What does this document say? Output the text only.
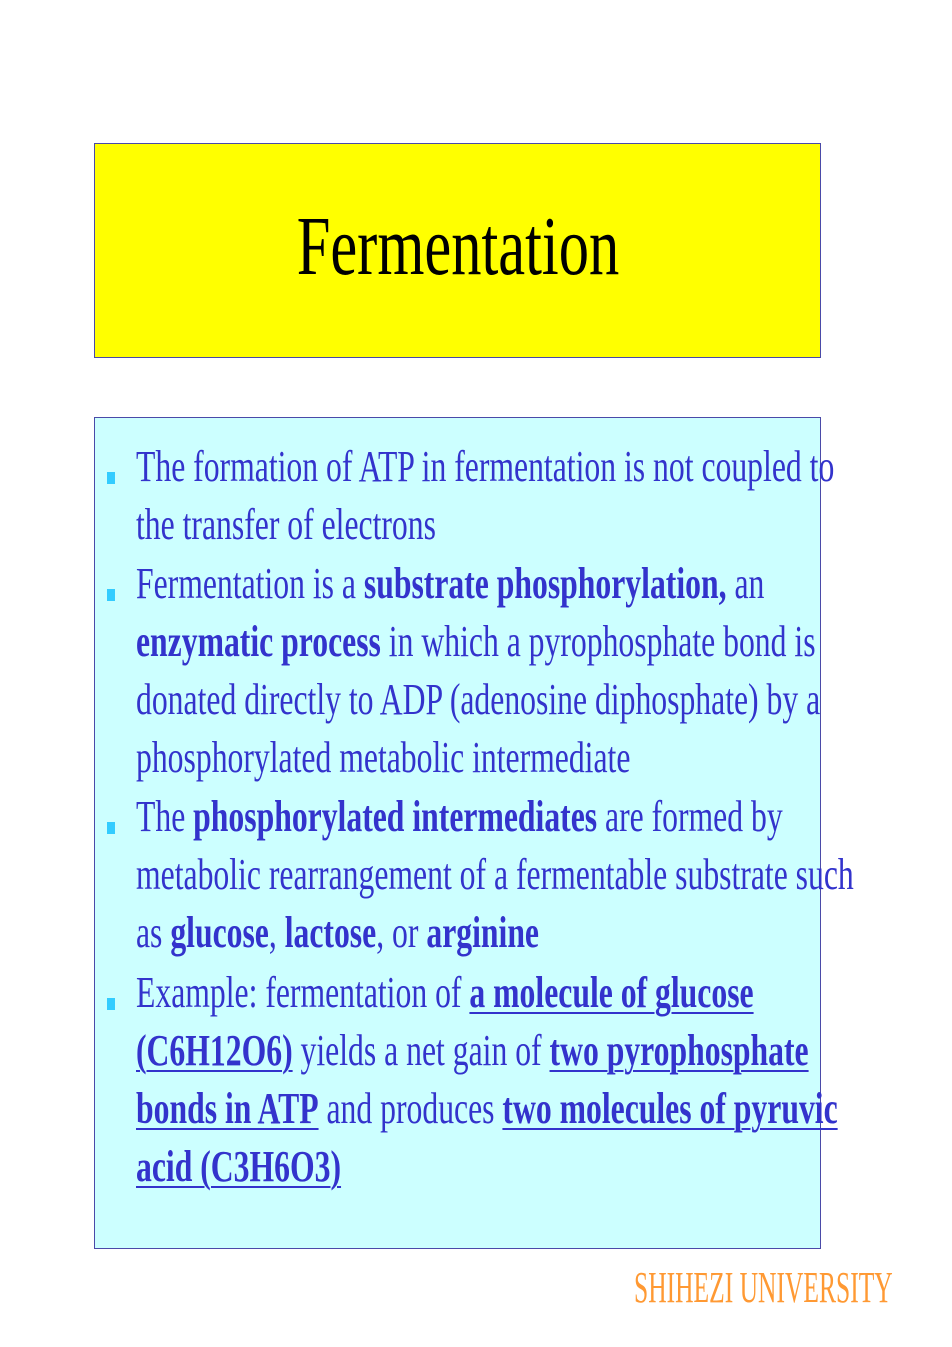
Fermentation
The formation of ATP in fermentation is not coupled to
the transfer of electrons
Fermentation is a substrate phosphorylation, an
enzymatic process in which a pyrophosphate bond is
donated directly to ADP (adenosine diphosphate) by a
phosphorylated metabolic intermediate
The phosphorylated intermediates are formed by
metabolic rearrangement of a fermentable substrate such
as glucose, lactose, or arginine
Example: fermentation of a molecule of glucose
(C6H12O6) yields a net gain of two pyrophosphate
bonds in ATP and produces two molecules of pyruvic
acid (C3H6O3)
SHIHEZI UNIVERSITY
